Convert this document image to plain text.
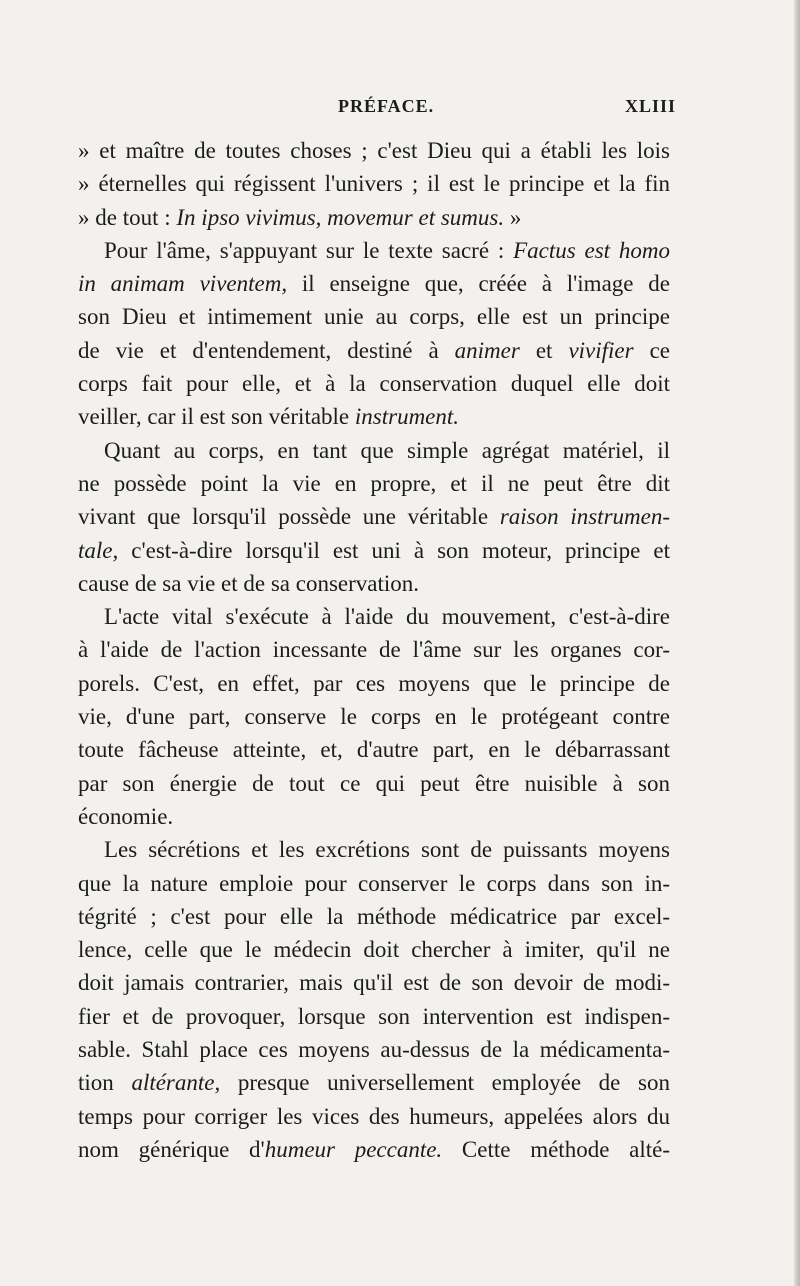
PRÉFACE.	XLIII
» et maître de toutes choses ; c'est Dieu qui a établi les lois
» éternelles qui régissent l'univers ; il est le principe et la fin
» de tout : In ipso vivimus, movemur et sumus. »
Pour l'âme, s'appuyant sur le texte sacré : Factus est homo
in animam viventem, il enseigne que, créée à l'image de
son Dieu et intimement unie au corps, elle est un principe
de vie et d'entendement, destiné à animer et vivifier ce
corps fait pour elle, et à la conservation duquel elle doit
veiller, car il est son véritable instrument.
Quant au corps, en tant que simple agrégat matériel, il
ne possède point la vie en propre, et il ne peut être dit
vivant que lorsqu'il possède une véritable raison instrumen-
tale, c'est-à-dire lorsqu'il est uni à son moteur, principe et
cause de sa vie et de sa conservation.
L'acte vital s'exécute à l'aide du mouvement, c'est-à-dire
à l'aide de l'action incessante de l'âme sur les organes cor-
porels. C'est, en effet, par ces moyens que le principe de
vie, d'une part, conserve le corps en le protégeant contre
toute fâcheuse atteinte, et, d'autre part, en le débarrassant
par son énergie de tout ce qui peut être nuisible à son
économie.
Les sécrétions et les excrétions sont de puissants moyens
que la nature emploie pour conserver le corps dans son in-
tégrité ; c'est pour elle la méthode médicatrice par excel-
lence, celle que le médecin doit chercher à imiter, qu'il ne
doit jamais contrarier, mais qu'il est de son devoir de modi-
fier et de provoquer, lorsque son intervention est indispen-
sable. Stahl place ces moyens au-dessus de la médicamenta-
tion altérante, presque universellement employée de son
temps pour corriger les vices des humeurs, appelées alors du
nom générique d'humeur peccante. Cette méthode alté-
